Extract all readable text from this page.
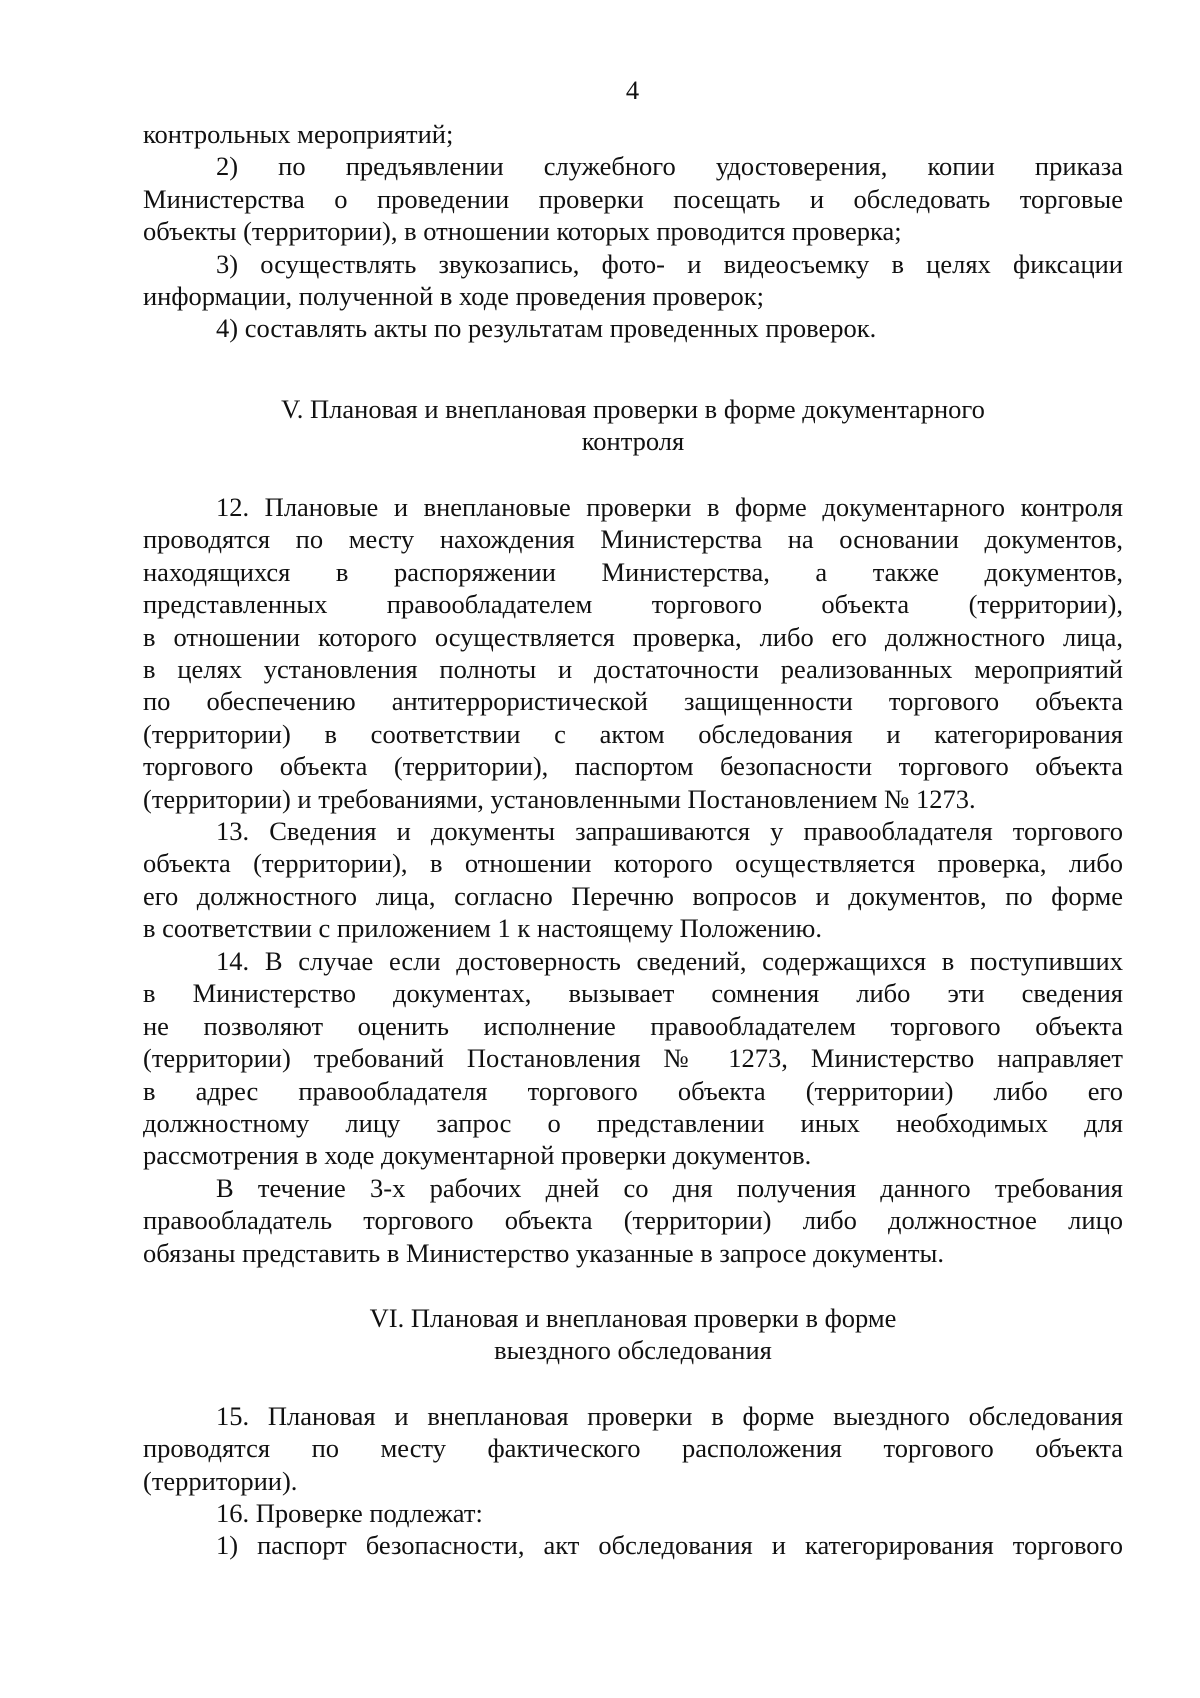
4
контрольных мероприятий;
2) по предъявлении служебного удостоверения, копии приказа
Министерства о проведении проверки посещать и обследовать торговые
объекты (территории), в отношении которых проводится проверка;
3) осуществлять звукозапись, фото- и видеосъемку в целях фиксации
информации, полученной в ходе проведения проверок;
4) составлять акты по результатам проведенных проверок.
V. Плановая и внеплановая проверки в форме документарного
контроля
12. Плановые и внеплановые проверки в форме документарного контроля
проводятся по месту нахождения Министерства на основании документов,
находящихся в распоряжении Министерства, а также документов,
представленных правообладателем торгового объекта (территории),
в отношении которого осуществляется проверка, либо его должностного лица,
в целях установления полноты и достаточности реализованных мероприятий
по обеспечению антитеррористической защищенности торгового объекта
(территории) в соответствии с актом обследования и категорирования
торгового объекта (территории), паспортом безопасности торгового объекта
(территории) и требованиями, установленными Постановлением № 1273.
13. Сведения и документы запрашиваются у правообладателя торгового
объекта (территории), в отношении которого осуществляется проверка, либо
его должностного лица, согласно Перечню вопросов и документов, по форме
в соответствии с приложением 1 к настоящему Положению.
14. В случае если достоверность сведений, содержащихся в поступивших
в Министерство документах, вызывает сомнения либо эти сведения
не позволяют оценить исполнение правообладателем торгового объекта
(территории) требований Постановления № 1273, Министерство направляет
в адрес правообладателя торгового объекта (территории) либо его
должностному лицу запрос о представлении иных необходимых для
рассмотрения в ходе документарной проверки документов.
В течение 3-х рабочих дней со дня получения данного требования
правообладатель торгового объекта (территории) либо должностное лицо
обязаны представить в Министерство указанные в запросе документы.
VI. Плановая и внеплановая проверки в форме
выездного обследования
15. Плановая и внеплановая проверки в форме выездного обследования
проводятся по месту фактического расположения торгового объекта
(территории).
16. Проверке подлежат:
1) паспорт безопасности, акт обследования и категорирования торгового
